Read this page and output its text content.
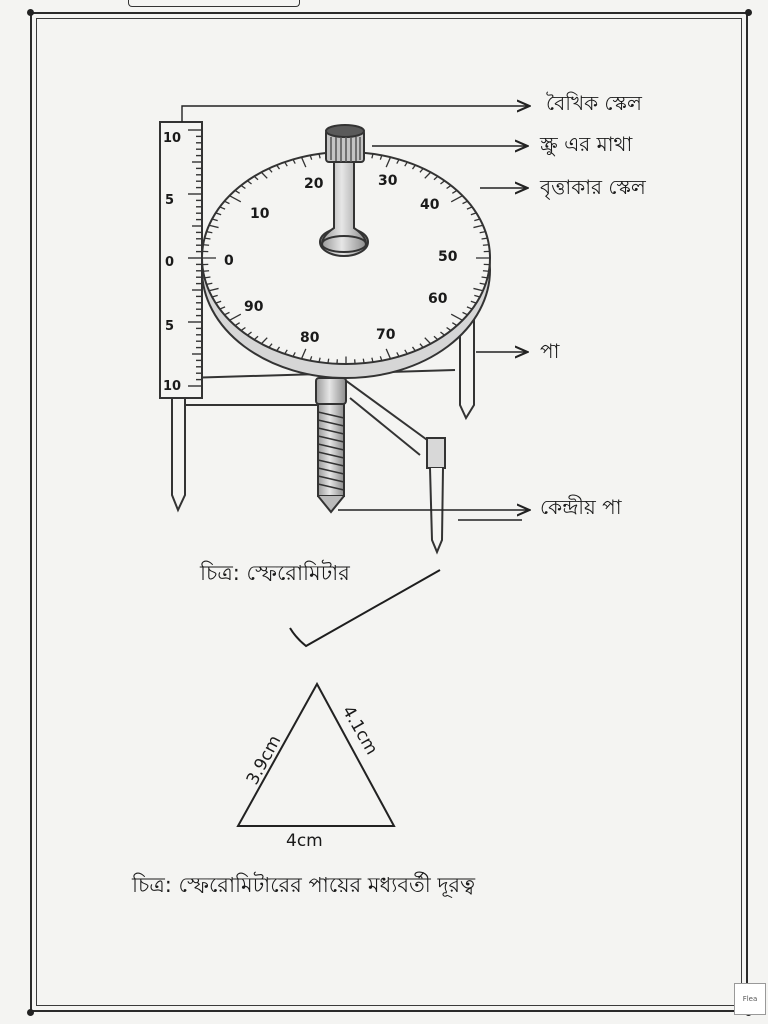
0
10
20	30
40
50
60
70
80
90
10
5
0
5
10
বৈখিক স্কেল
স্ক্রু এর মাথা
বৃত্তাকার স্কেল
পা
কেন্দ্রীয় পা
চিত্র: স্ফেরোমিটার
3.9cm
4.1cm
4cm
চিত্র: স্ফেরোমিটারের পায়ের মধ্যবর্তী দূরত্ব
Flea
